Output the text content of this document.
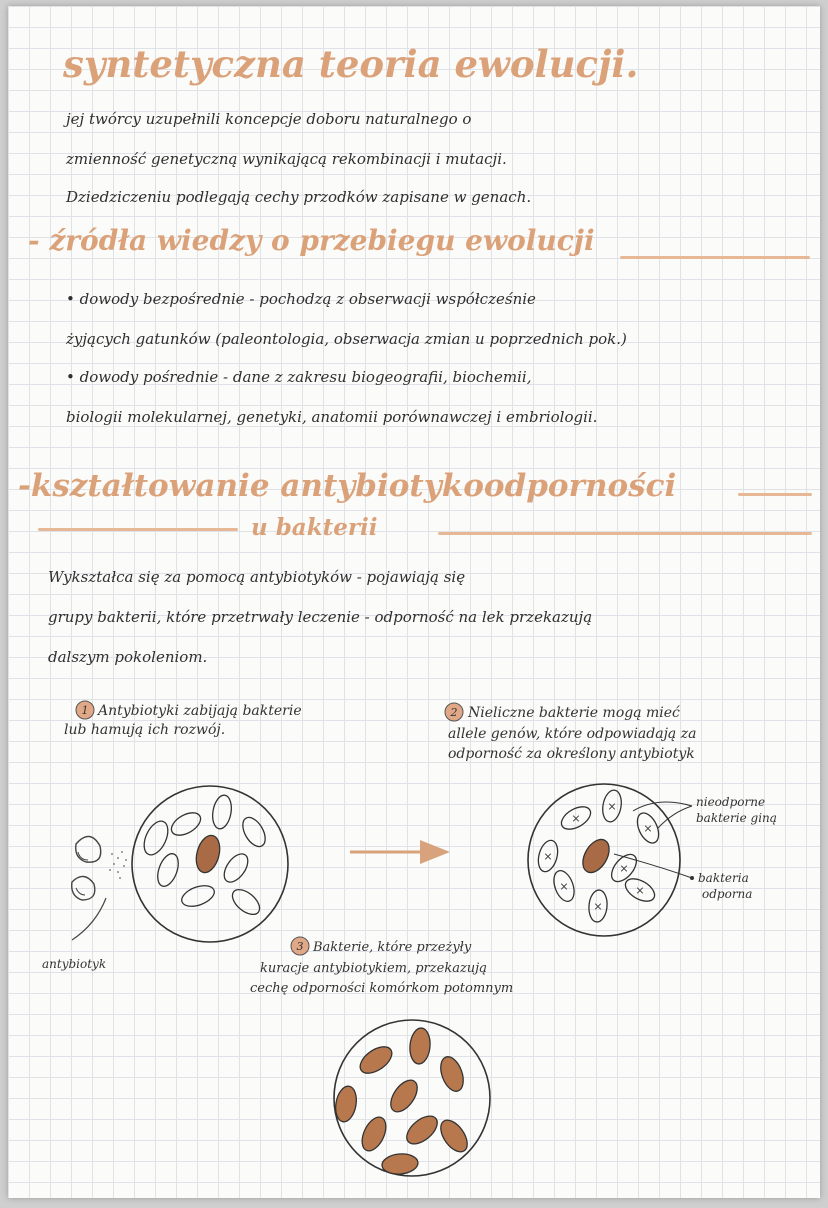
syntetyczna teoria ewolucji.
jej twórcy uzupełnili koncepcje doboru naturalnego o
zmienność genetyczną wynikającą rekombinacji i mutacji.
Dziedziczeniu podlegają cechy przodków zapisane w genach.
- źródła wiedzy o przebiegu ewolucji
• dowody bezpośrednie - pochodzą z obserwacji współcześnie
żyjących gatunków (paleontologia, obserwacja zmian u poprzednich pok.)
• dowody pośrednie - dane z zakresu biogeografii, biochemii,
biologii molekularnej, genetyki, anatomii porównawczej i embriologii.
-kształtowanie antybiotykoodporności
u bakterii
Wykształca się za pomocą antybiotyków - pojawiają się
grupy bakterii, które przetrwały leczenie - odporność na lek przekazują
dalszym pokoleniom.
1 Antybiotyki zabijają bakterie
lub hamują ich rozwój.
2 Nieliczne bakterie mogą mieć
allele genów, które odpowiadają za
odporność za określony antybiotyk
antybiotyk
×
×
×
×
×
×
×
×
nieodporne
bakterie giną
bakteria
odporna
3 Bakterie, które przeżyły
kuracje antybiotykiem, przekazują
cechę odporności komórkom potomnym
